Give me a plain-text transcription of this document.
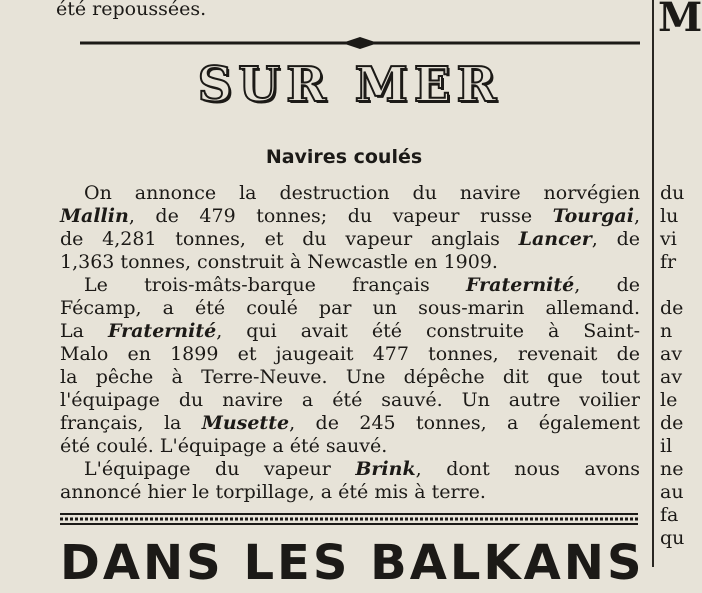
été repoussées.
SUR MER
Navires coulés
On annonce la destruction du navire norvégien
Mallin, de 479 tonnes; du vapeur russe Tourgai,
de 4,281 tonnes, et du vapeur anglais Lancer, de
1,363 tonnes, construit à Newcastle en 1909.
Le trois-mâts-barque français Fraternité, de
Fécamp, a été coulé par un sous-marin allemand.
La Fraternité, qui avait été construite à Saint-
Malo en 1899 et jaugeait 477 tonnes, revenait de
la pêche à Terre-Neuve. Une dépêche dit que tout
l'équipage du navire a été sauvé. Un autre voilier
français, la Musette, de 245 tonnes, a également
été coulé. L'équipage a été sauvé.
L'équipage du vapeur Brink, dont nous avons
annoncé hier le torpillage, a été mis à terre.
DANS LES BALKANS
M
du
lu
vi
fr
de
n
av
av
le
de
il
ne
au
fa
qu
